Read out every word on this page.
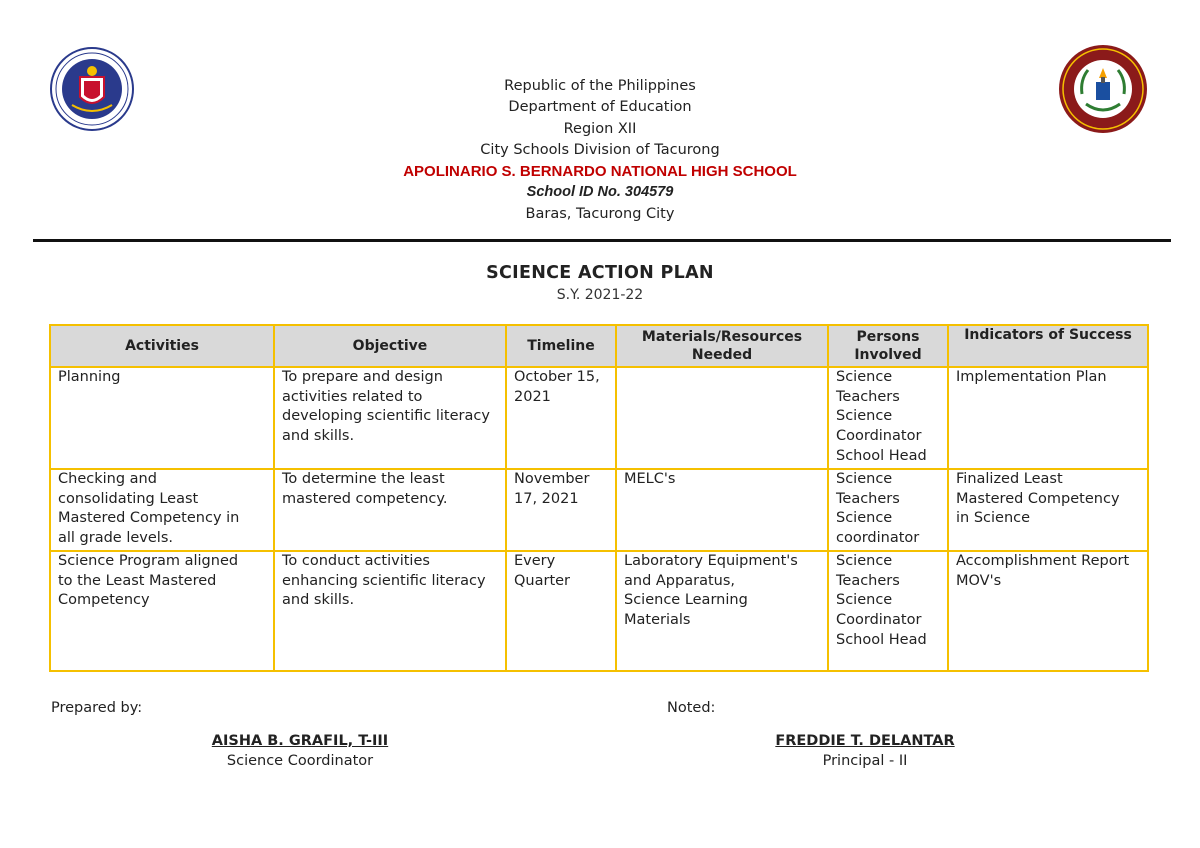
Republic of the Philippines
Department of Education
Region XII
City Schools Division of Tacurong
APOLINARIO S. BERNARDO NATIONAL HIGH SCHOOL
School ID No. 304579
Baras, Tacurong City
SCIENCE ACTION PLAN
S.Y. 2021-22
Activities	Objective	Timeline	Materials/Resources Needed	Persons Involved	Indicators of Success

Planning	To prepare and design
activities related to
developing scientific literacy
and skills.	October 15,
2021		Science
Teachers
Science
Coordinator
School Head	Implementation Plan

Checking and
consolidating Least
Mastered Competency in
all grade levels.	To determine the least
mastered competency.	November
17, 2021	MELC's	Science
Teachers
Science
coordinator	Finalized Least
Mastered Competency
in Science

Science Program aligned
to the Least Mastered
Competency	To conduct activities
enhancing scientific literacy
and skills.	Every
Quarter	Laboratory Equipment's
and Apparatus,
Science Learning
Materials	Science
Teachers
Science
Coordinator
School Head	Accomplishment Report
MOV's
Prepared by:	Noted:
AISHA B. GRAFIL, T-III
Science Coordinator
FREDDIE T. DELANTAR
Principal - II
